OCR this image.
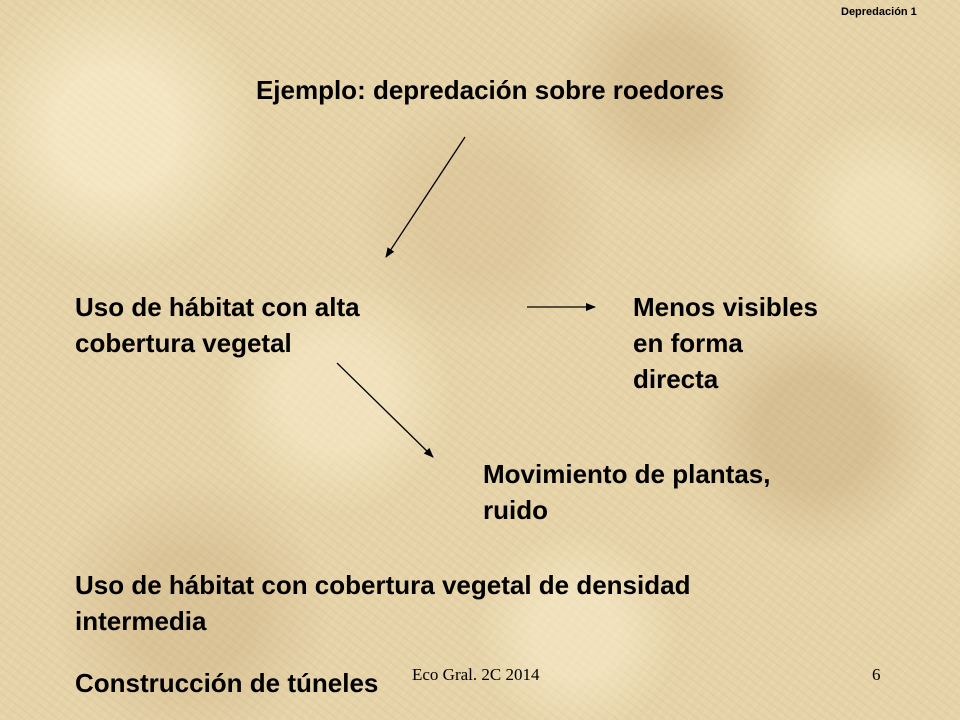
Depredación 1
Ejemplo: depredación sobre roedores
Uso de hábitat con alta
cobertura vegetal
Menos visibles
en forma
directa
Movimiento de plantas,
ruido
Uso de hábitat con cobertura vegetal de densidad
intermedia
Construcción de túneles Eco Gral. 2C 2014	6
